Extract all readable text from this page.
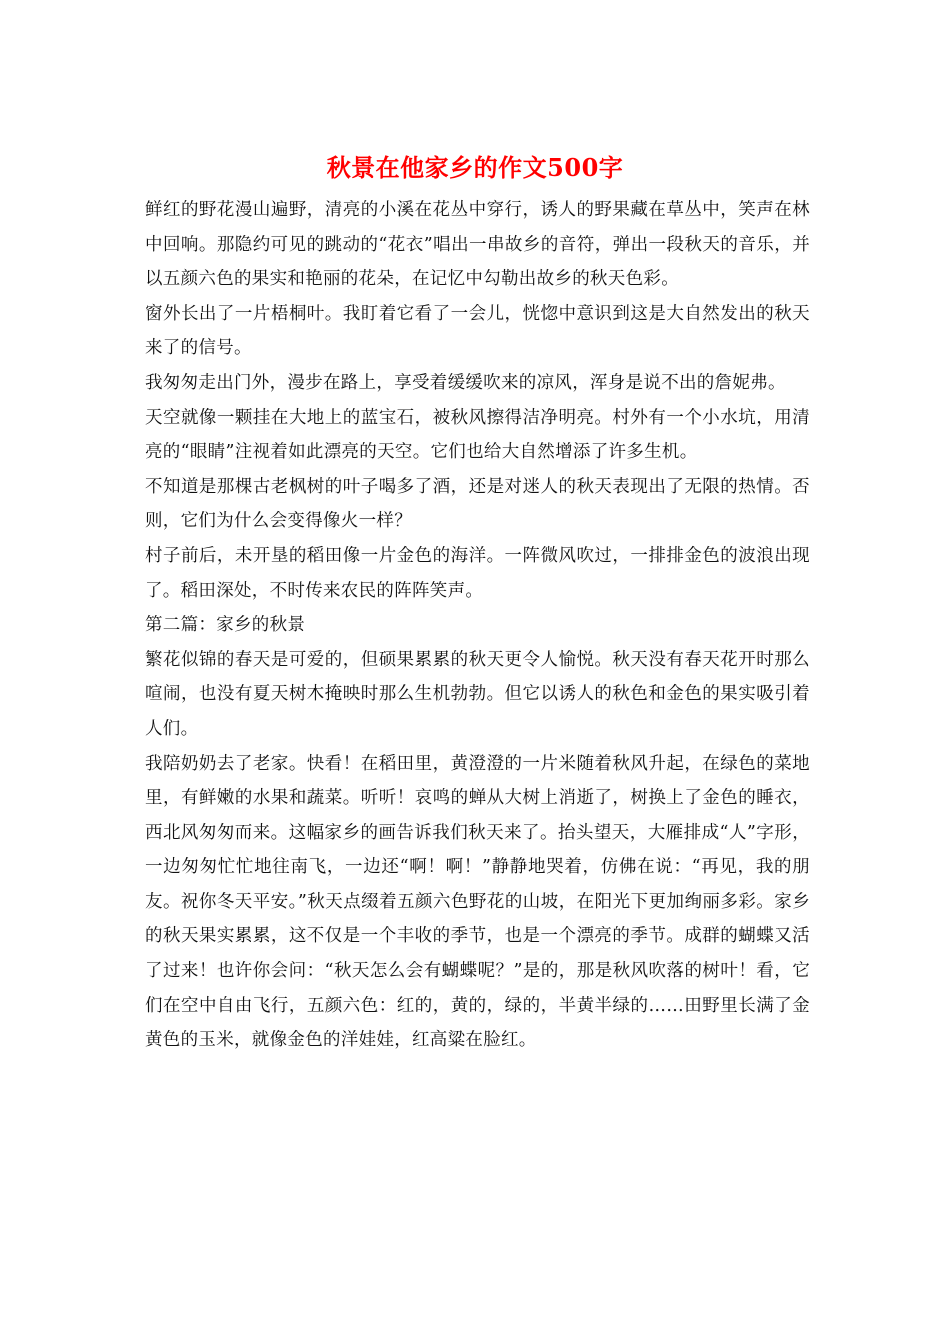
秋景在他家乡的作文500字

鲜红的野花漫山遍野，清亮的小溪在花丛中穿行，诱人的野果藏在草丛中，笑声在林中回响。那隐约可见的跳动的“花衣”唱出一串故乡的音符，弹出一段秋天的音乐，并以五颜六色的果实和艳丽的花朵，在记忆中勾勒出故乡的秋天色彩。

窗外长出了一片梧桐叶。我盯着它看了一会儿，恍惚中意识到这是大自然发出的秋天来了的信号。

我匆匆走出门外，漫步在路上，享受着缓缓吹来的凉风，浑身是说不出的詹妮弗。

天空就像一颗挂在大地上的蓝宝石，被秋风擦得洁净明亮。村外有一个小水坑，用清亮的“眼睛”注视着如此漂亮的天空。它们也给大自然增添了许多生机。

不知道是那棵古老枫树的叶子喝多了酒，还是对迷人的秋天表现出了无限的热情。否则，它们为什么会变得像火一样？

村子前后，未开垦的稻田像一片金色的海洋。一阵微风吹过，一排排金色的波浪出现了。稻田深处，不时传来农民的阵阵笑声。

第二篇：家乡的秋景

繁花似锦的春天是可爱的，但硕果累累的秋天更令人愉悦。秋天没有春天花开时那么喧闹，也没有夏天树木掩映时那么生机勃勃。但它以诱人的秋色和金色的果实吸引着人们。

我陪奶奶去了老家。快看！在稻田里，黄澄澄的一片米随着秋风升起，在绿色的菜地里，有鲜嫩的水果和蔬菜。听听！哀鸣的蝉从大树上消逝了，树换上了金色的睡衣，西北风匆匆而来。这幅家乡的画告诉我们秋天来了。抬头望天，大雁排成“人”字形，一边匆匆忙忙地往南飞，一边还“啊！啊！”静静地哭着，仿佛在说：“再见，我的朋友。祝你冬天平安。”秋天点缀着五颜六色野花的山坡，在阳光下更加绚丽多彩。家乡的秋天果实累累，这不仅是一个丰收的季节，也是一个漂亮的季节。成群的蝴蝶又活了过来！也许你会问：“秋天怎么会有蝴蝶呢？”是的，那是秋风吹落的树叶！看，它们在空中自由飞行，五颜六色：红的，黄的，绿的，半黄半绿的……田野里长满了金黄色的玉米，就像金色的洋娃娃，红高粱在脸红。
